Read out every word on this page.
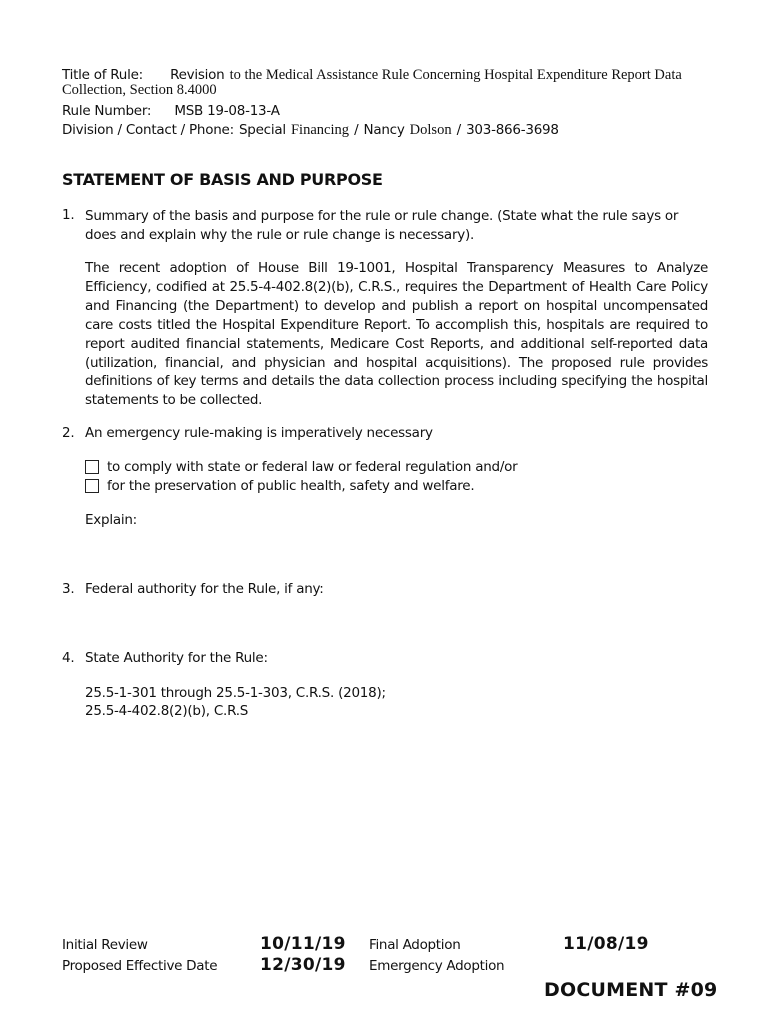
Title of Rule: Revision to the Medical Assistance Rule Concerning Hospital Expenditure Report Data
Collection, Section 8.4000
Rule Number: MSB 19-08-13-A
Division / Contact / Phone: Special Financing / Nancy Dolson / 303-866-3698
STATEMENT OF BASIS AND PURPOSE
1. Summary of the basis and purpose for the rule or rule change. (State what the rule says or does and explain why the rule or rule change is necessary).
The recent adoption of House Bill 19-1001, Hospital Transparency Measures to Analyze Efficiency, codified at 25.5-4-402.8(2)(b), C.R.S., requires the Department of Health Care Policy and Financing (the Department) to develop and publish a report on hospital uncompensated care costs titled the Hospital Expenditure Report. To accomplish this, hospitals are required to report audited financial statements, Medicare Cost Reports, and additional self-reported data (utilization, financial, and physician and hospital acquisitions). The proposed rule provides definitions of key terms and details the data collection process including specifying the hospital statements to be collected.
2. An emergency rule-making is imperatively necessary
to comply with state or federal law or federal regulation and/or
for the preservation of public health, safety and welfare.
Explain:
3. Federal authority for the Rule, if any:
4. State Authority for the Rule:
25.5-1-301 through 25.5-1-303, C.R.S. (2018);
25.5-4-402.8(2)(b), C.R.S
Initial Review	10/11/19 Final Adoption	11/08/19
Proposed Effective Date	12/30/19 Emergency Adoption
DOCUMENT #09
